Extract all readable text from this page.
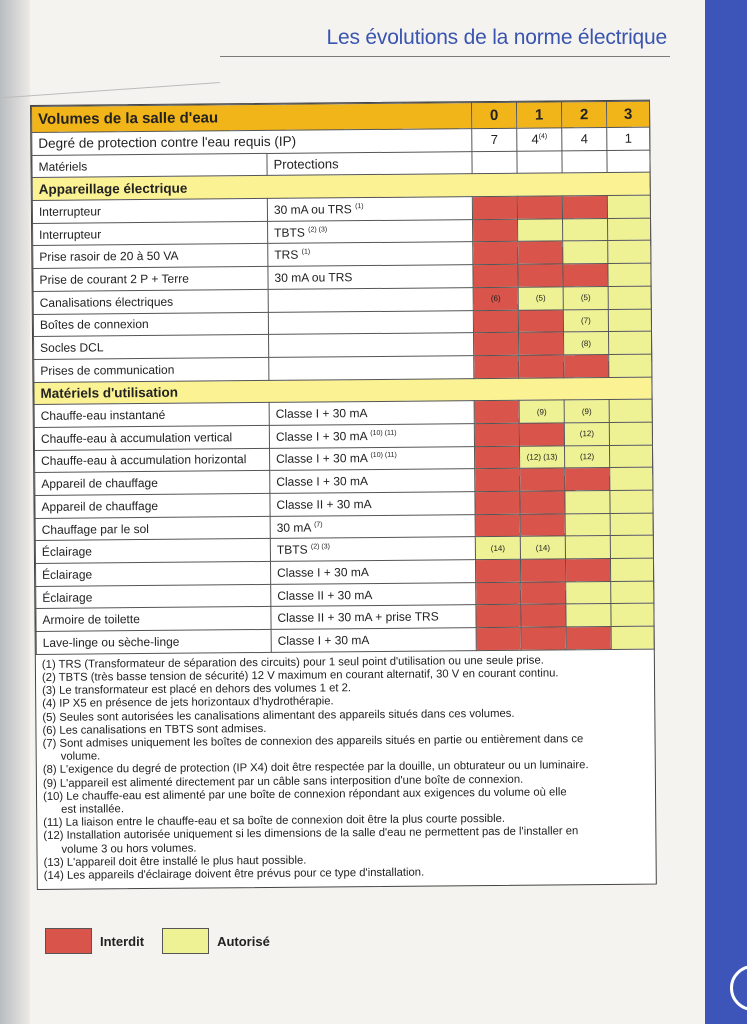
Les évolutions de la norme électrique
Volumes de la salle d'eau		0	1	2	3
Degré de protection contre l'eau requis (IP)		7	4$^{(4)}$	4	1
Matériels	Protections				
Appareillage électrique					
Interrupteur	30 mA ou TRS $^{(1)}$				
Interrupteur	TBTS $^{(2) (3)}$				
Prise rasoir de 20 à 50 VA	TRS $^{(1)}$				
Prise de courant 2 P + Terre	30 mA ou TRS				
Canalisations électriques		(6)	(5)	(5)	
Boîtes de connexion				(7)	
Socles DCL				(8)	
Prises de communication					
Matériels d'utilisation					
Chauffe-eau instantané	Classe I + 30 mA		(9)	(9)	
Chauffe-eau à accumulation vertical	Classe I + 30 mA $^{(10) (11)}$			(12)	
Chauffe-eau à accumulation horizontal	Classe I + 30 mA $^{(10) (11)}$		(12) (13)	(12)	
Appareil de chauffage	Classe I + 30 mA				
Appareil de chauffage	Classe II + 30 mA				
Chauffage par le sol	30 mA $^{(7)}$				
Éclairage	TBTS $^{(2) (3)}$	(14)	(14)		
Éclairage	Classe I + 30 mA				
Éclairage	Classe II + 30 mA				
Armoire de toilette	Classe II + 30 mA + prise TRS				
Lave-linge ou sèche-linge	Classe I + 30 mA				
(1) TRS (Transformateur de séparation des circuits) pour 1 seul point d'utilisation ou une seule prise.
(2) TBTS (très basse tension de sécurité) 12 V maximum en courant alternatif, 30 V en courant continu.
(3) Le transformateur est placé en dehors des volumes 1 et 2.
(4) IP X5 en présence de jets horizontaux d'hydrothérapie.
(5) Seules sont autorisées les canalisations alimentant des appareils situés dans ces volumes.
(6) Les canalisations en TBTS sont admises.
(7) Sont admises uniquement les boîtes de connexion des appareils situés en partie ou entièrement dans ce
volume.
(8) L'exigence du degré de protection (IP X4) doit être respectée par la douille, un obturateur ou un luminaire.
(9) L'appareil est alimenté directement par un câble sans interposition d'une boîte de connexion.
(10) Le chauffe-eau est alimenté par une boîte de connexion répondant aux exigences du volume où elle
est installée.
(11) La liaison entre le chauffe-eau et sa boîte de connexion doit être la plus courte possible.
(12) Installation autorisée uniquement si les dimensions de la salle d'eau ne permettent pas de l'installer en
volume 3 ou hors volumes.
(13) L'appareil doit être installé le plus haut possible.
(14) Les appareils d'éclairage doivent être prévus pour ce type d'installation.
Interdit	Autorisé
